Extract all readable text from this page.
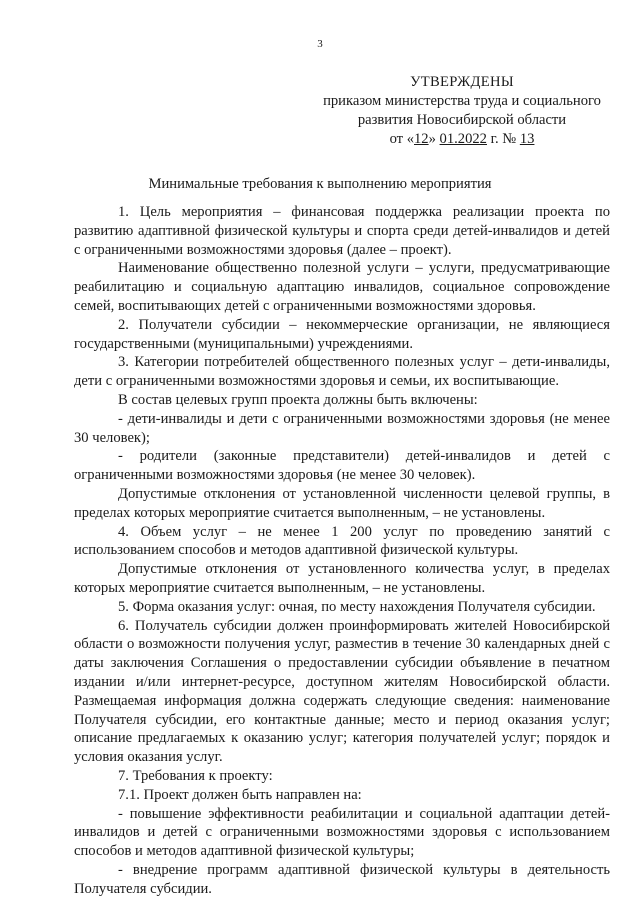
3
УТВЕРЖДЕНЫ
приказом министерства труда и социального
развития Новосибирской области
от «12» 01.2022 г. № 13
Минимальные требования к выполнению мероприятия

1. Цель мероприятия – финансовая поддержка реализации проекта по развитию адаптивной физической культуры и спорта среди детей-инвалидов и детей с ограниченными возможностями здоровья (далее – проект).

Наименование общественно полезной услуги – услуги, предусматривающие реабилитацию и социальную адаптацию инвалидов, социальное сопровождение семей, воспитывающих детей с ограниченными возможностями здоровья.

2. Получатели субсидии – некоммерческие организации, не являющиеся государственными (муниципальными) учреждениями.

3. Категории потребителей общественного полезных услуг – дети-инвалиды, дети с ограниченными возможностями здоровья и семьи, их воспитывающие.

В состав целевых групп проекта должны быть включены:

- дети-инвалиды и дети с ограниченными возможностями здоровья (не менее 30 человек);

- родители (законные представители) детей-инвалидов и детей с ограниченными возможностями здоровья (не менее 30 человек).

Допустимые отклонения от установленной численности целевой группы, в пределах которых мероприятие считается выполненным, – не установлены.

4. Объем услуг – не менее 1 200 услуг по проведению занятий с использованием способов и методов адаптивной физической культуры.

Допустимые отклонения от установленного количества услуг, в пределах которых мероприятие считается выполненным, – не установлены.

5. Форма оказания услуг: очная, по месту нахождения Получателя субсидии.

6. Получатель субсидии должен проинформировать жителей Новосибирской области о возможности получения услуг, разместив в течение 30 календарных дней с даты заключения Соглашения о предоставлении субсидии объявление в печатном издании и/или интернет-ресурсе, доступном жителям Новосибирской области. Размещаемая информация должна содержать следующие сведения: наименование Получателя субсидии, его контактные данные; место и период оказания услуг; описание предлагаемых к оказанию услуг; категория получателей услуг; порядок и условия оказания услуг.

7. Требования к проекту:

7.1. Проект должен быть направлен на:

- повышение эффективности реабилитации и социальной адаптации детей-инвалидов и детей с ограниченными возможностями здоровья с использованием способов и методов адаптивной физической культуры;

- внедрение программ адаптивной физической культуры в деятельность Получателя субсидии.
